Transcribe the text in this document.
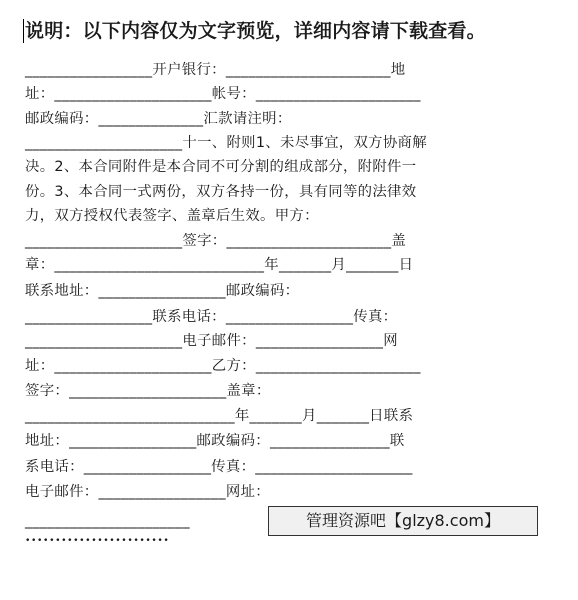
说明：以下内容仅为文字预览，详细内容请下载查看。

_________________开户银行：______________________地

址：_____________________帐号：______________________

邮政编码：______________汇款请注明：

_____________________十一、附则1、未尽事宜，双方协商解

决。2、本合同附件是本合同不可分割的组成部分，附附件一

份。3、本合同一式两份，双方各持一份，具有同等的法律效

力，双方授权代表签字、盖章后生效。甲方：

_____________________签字：______________________盖

章：____________________________年_______月_______日

联系地址：_________________邮政编码：

_________________联系电话：_________________传真：

_____________________电子邮件：_________________网

址：_____________________乙方：______________________

签字：_____________________盖章：

____________________________年_______月_______日联系

地址：_________________邮政编码：________________联

系电话：_________________传真：_____________________

电子邮件：_________________网址：

______________________	管理资源吧【glzy8.com】
••••••••••••••••••••••••
